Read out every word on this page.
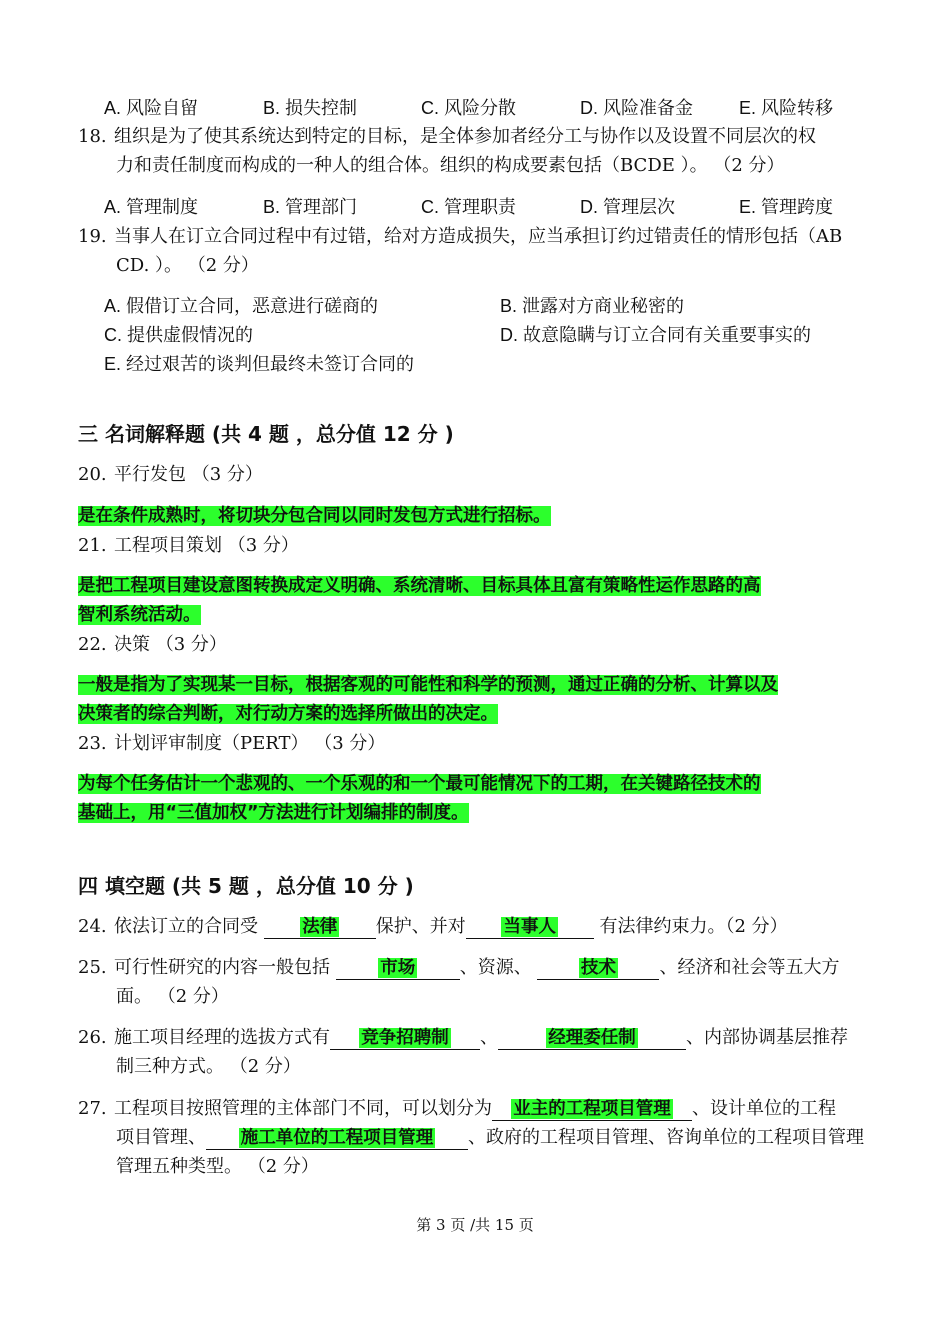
A. 风险自留	B. 损失控制	C. 风险分散	D. 风险准备金	E. 风险转移
18. 组织是为了使其系统达到特定的目标，是全体参加者经分工与协作以及设置不同层次的权
力和责任制度而构成的一种人的组合体。组织的构成要素包括（BCDE ）。 （2 分）
A. 管理制度	B. 管理部门	C. 管理职责	D. 管理层次	E. 管理跨度
19. 当事人在订立合同过程中有过错，给对方造成损失，应当承担订约过错责任的情形包括（AB
CD. ）。 （2 分）
A. 假借订立合同，恶意进行磋商的	B. 泄露对方商业秘密的
C. 提供虚假情况的	D. 故意隐瞒与订立合同有关重要事实的
E. 经过艰苦的谈判但最终未签订合同的
三 名词解释题 (共 4 题 ，总分值 12 分 )
20. 平行发包 （3 分）
是在条件成熟时，将切块分包合同以同时发包方式进行招标。
21. 工程项目策划 （3 分）
是把工程项目建设意图转换成定义明确、系统清晰、目标具体且富有策略性运作思路的高
智利系统活动。
22. 决策 （3 分）
一般是指为了实现某一目标，根据客观的可能性和科学的预测，通过正确的分析、计算以及
决策者的综合判断，对行动方案的选择所做出的决定。
23. 计划评审制度（PERT） （3 分）
为每个任务估计一个悲观的、一个乐观的和一个最可能情况下的工期，在关键路径技术的
基础上，用“三值加权”方法进行计划编排的制度。
四 填空题 (共 5 题 ，总分值 10 分 )
24. 依法订立的合同受	法律 保护、并对 当事人 有法律约束力。（2 分）
25. 可行性研究的内容一般包括	市场 、资源、	技术 、经济和社会等五大方
面。 （2 分）
26. 施工项目经理的选拔方式有 竞争招聘制 、	经理委任制	、内部协调基层推荐
制三种方式。 （2 分）
27. 工程项目按照管理的主体部门不同，可以划分为 业主的工程项目管理 、设计单位的工程
项目管理、 施工单位的工程项目管理 、政府的工程项目管理、咨询单位的工程项目管理
管理五种类型。 （2 分）
第 3 页 /共 15 页
